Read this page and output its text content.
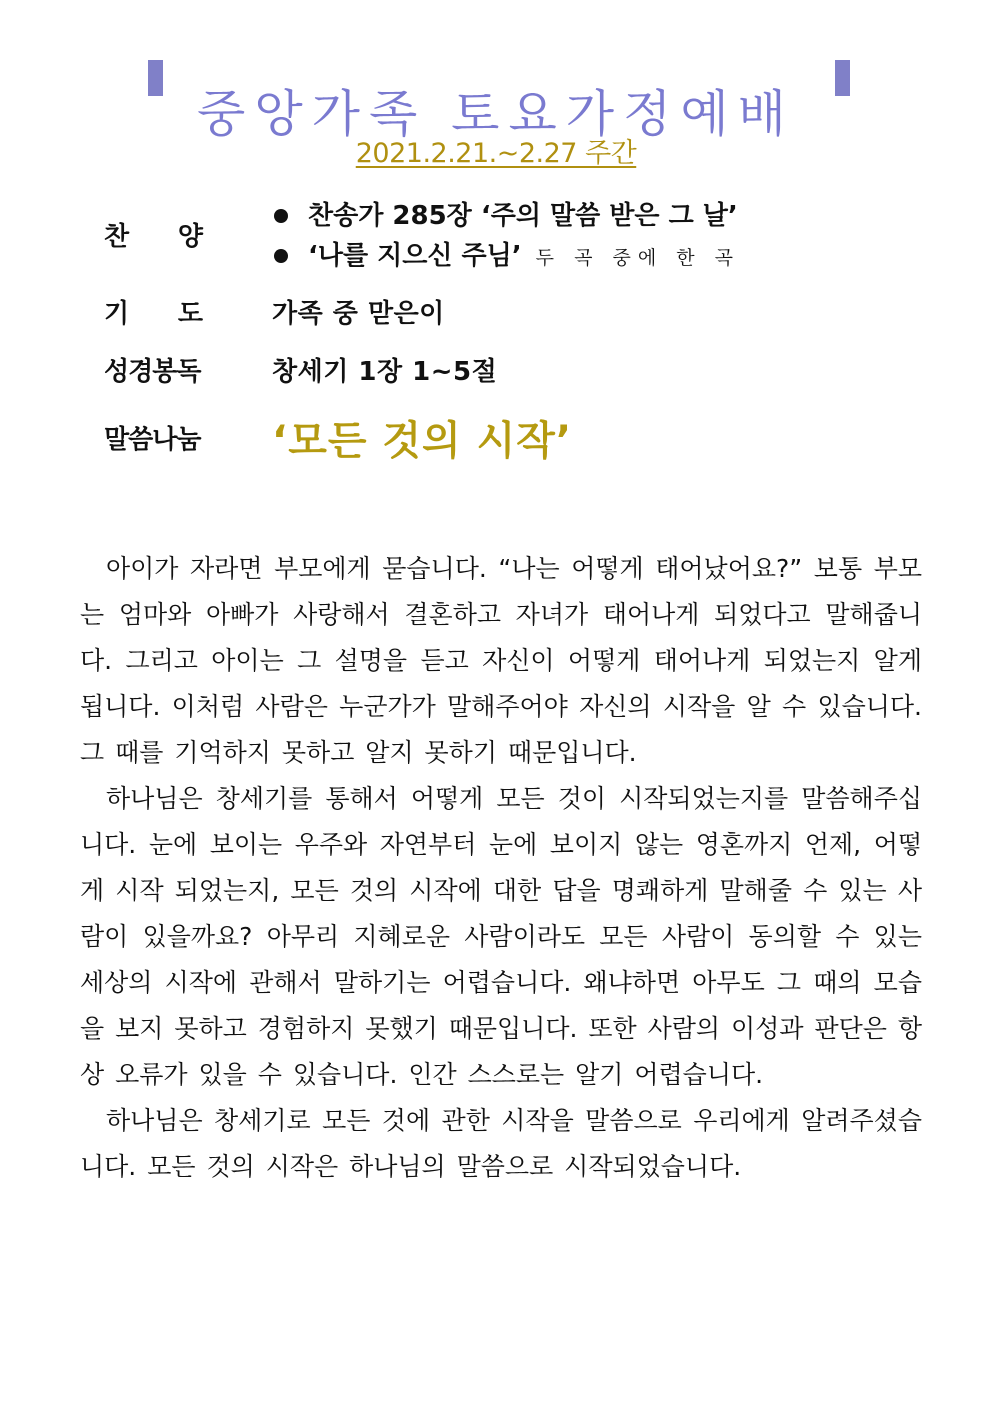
중앙가족 토요가정예배
2021.2.21.~2.27 주간
찬 양
찬송가 285장 ‘주의 말씀 받은 그 날’
‘나를 지으신 주님’ 두 곡 중에 한 곡
기 도	가족 중 맏은이
성경봉독	창세기 1장 1~5절
말씀나눔 ‘모든 것의 시작’

아이가 자라면 부모에게 묻습니다. “나는 어떻게 태어났어요?” 보통 부모는 엄마와 아빠가 사랑해서 결혼하고 자녀가 태어나게 되었다고 말해줍니다. 그리고 아이는 그 설명을 듣고 자신이 어떻게 태어나게 되었는지 알게 됩니다. 이처럼 사람은 누군가가 말해주어야 자신의 시작을 알 수 있습니다. 그 때를 기억하지 못하고 알지 못하기 때문입니다.

하나님은 창세기를 통해서 어떻게 모든 것이 시작되었는지를 말씀해주십니다. 눈에 보이는 우주와 자연부터 눈에 보이지 않는 영혼까지 언제, 어떻게 시작 되었는지, 모든 것의 시작에 대한 답을 명쾌하게 말해줄 수 있는 사람이 있을까요? 아무리 지혜로운 사람이라도 모든 사람이 동의할 수 있는 세상의 시작에 관해서 말하기는 어렵습니다. 왜냐하면 아무도 그 때의 모습을 보지 못하고 경험하지 못했기 때문입니다. 또한 사람의 이성과 판단은 항상 오류가 있을 수 있습니다. 인간 스스로는 알기 어렵습니다.

하나님은 창세기로 모든 것에 관한 시작을 말씀으로 우리에게 알려주셨습니다. 모든 것의 시작은 하나님의 말씀으로 시작되었습니다.
